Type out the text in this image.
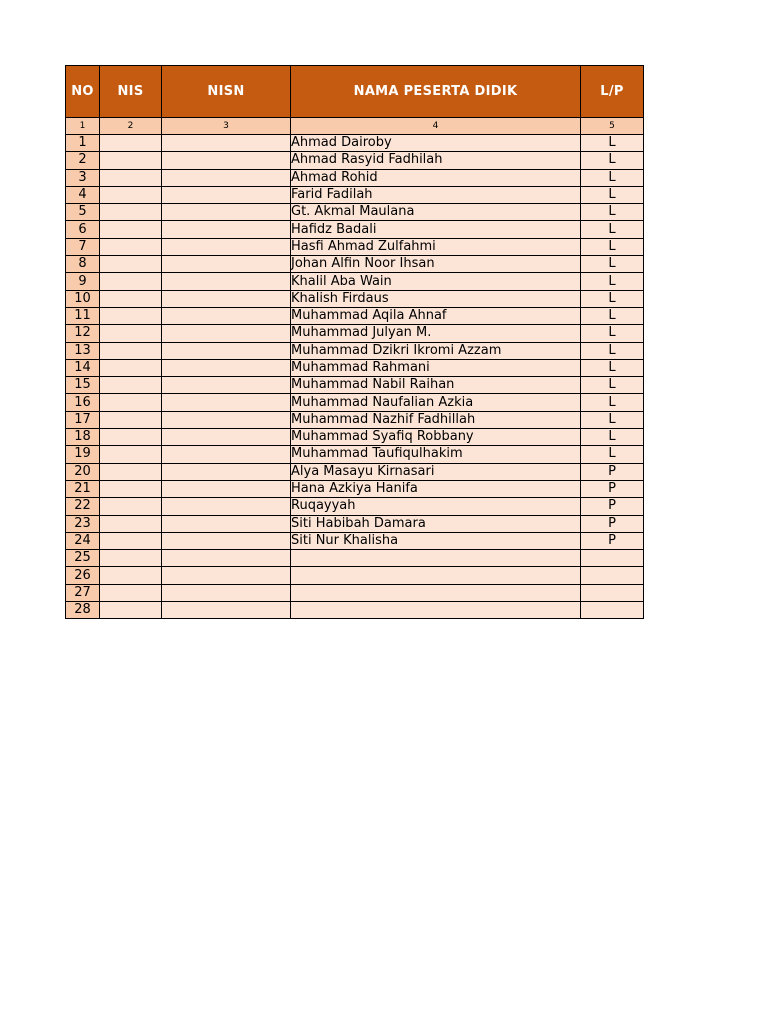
NO	NIS	NISN	NAMA PESERTA DIDIK	L/P
1	2	3	4	5
1			Ahmad Dairoby	L
2			Ahmad Rasyid Fadhilah	L
3			Ahmad Rohid	L
4			Farid Fadilah	L
5			Gt. Akmal Maulana	L
6			Hafidz Badali	L
7			Hasfi Ahmad Zulfahmi	L
8			Johan Alfin Noor Ihsan	L
9			Khalil Aba Wain	L
10			Khalish Firdaus	L
11			Muhammad Aqila Ahnaf	L
12			Muhammad Julyan M.	L
13			Muhammad Dzikri Ikromi Azzam	L
14			Muhammad Rahmani	L
15			Muhammad Nabil Raihan	L
16			Muhammad Naufalian Azkia	L
17			Muhammad Nazhif Fadhillah	L
18			Muhammad Syafiq Robbany	L
19			Muhammad Taufiqulhakim	L
20			Alya Masayu Kirnasari	P
21			Hana Azkiya Hanifa	P
22			Ruqayyah	P
23			Siti Habibah Damara	P
24			Siti Nur Khalisha	P
25				
26				
27				
28				
